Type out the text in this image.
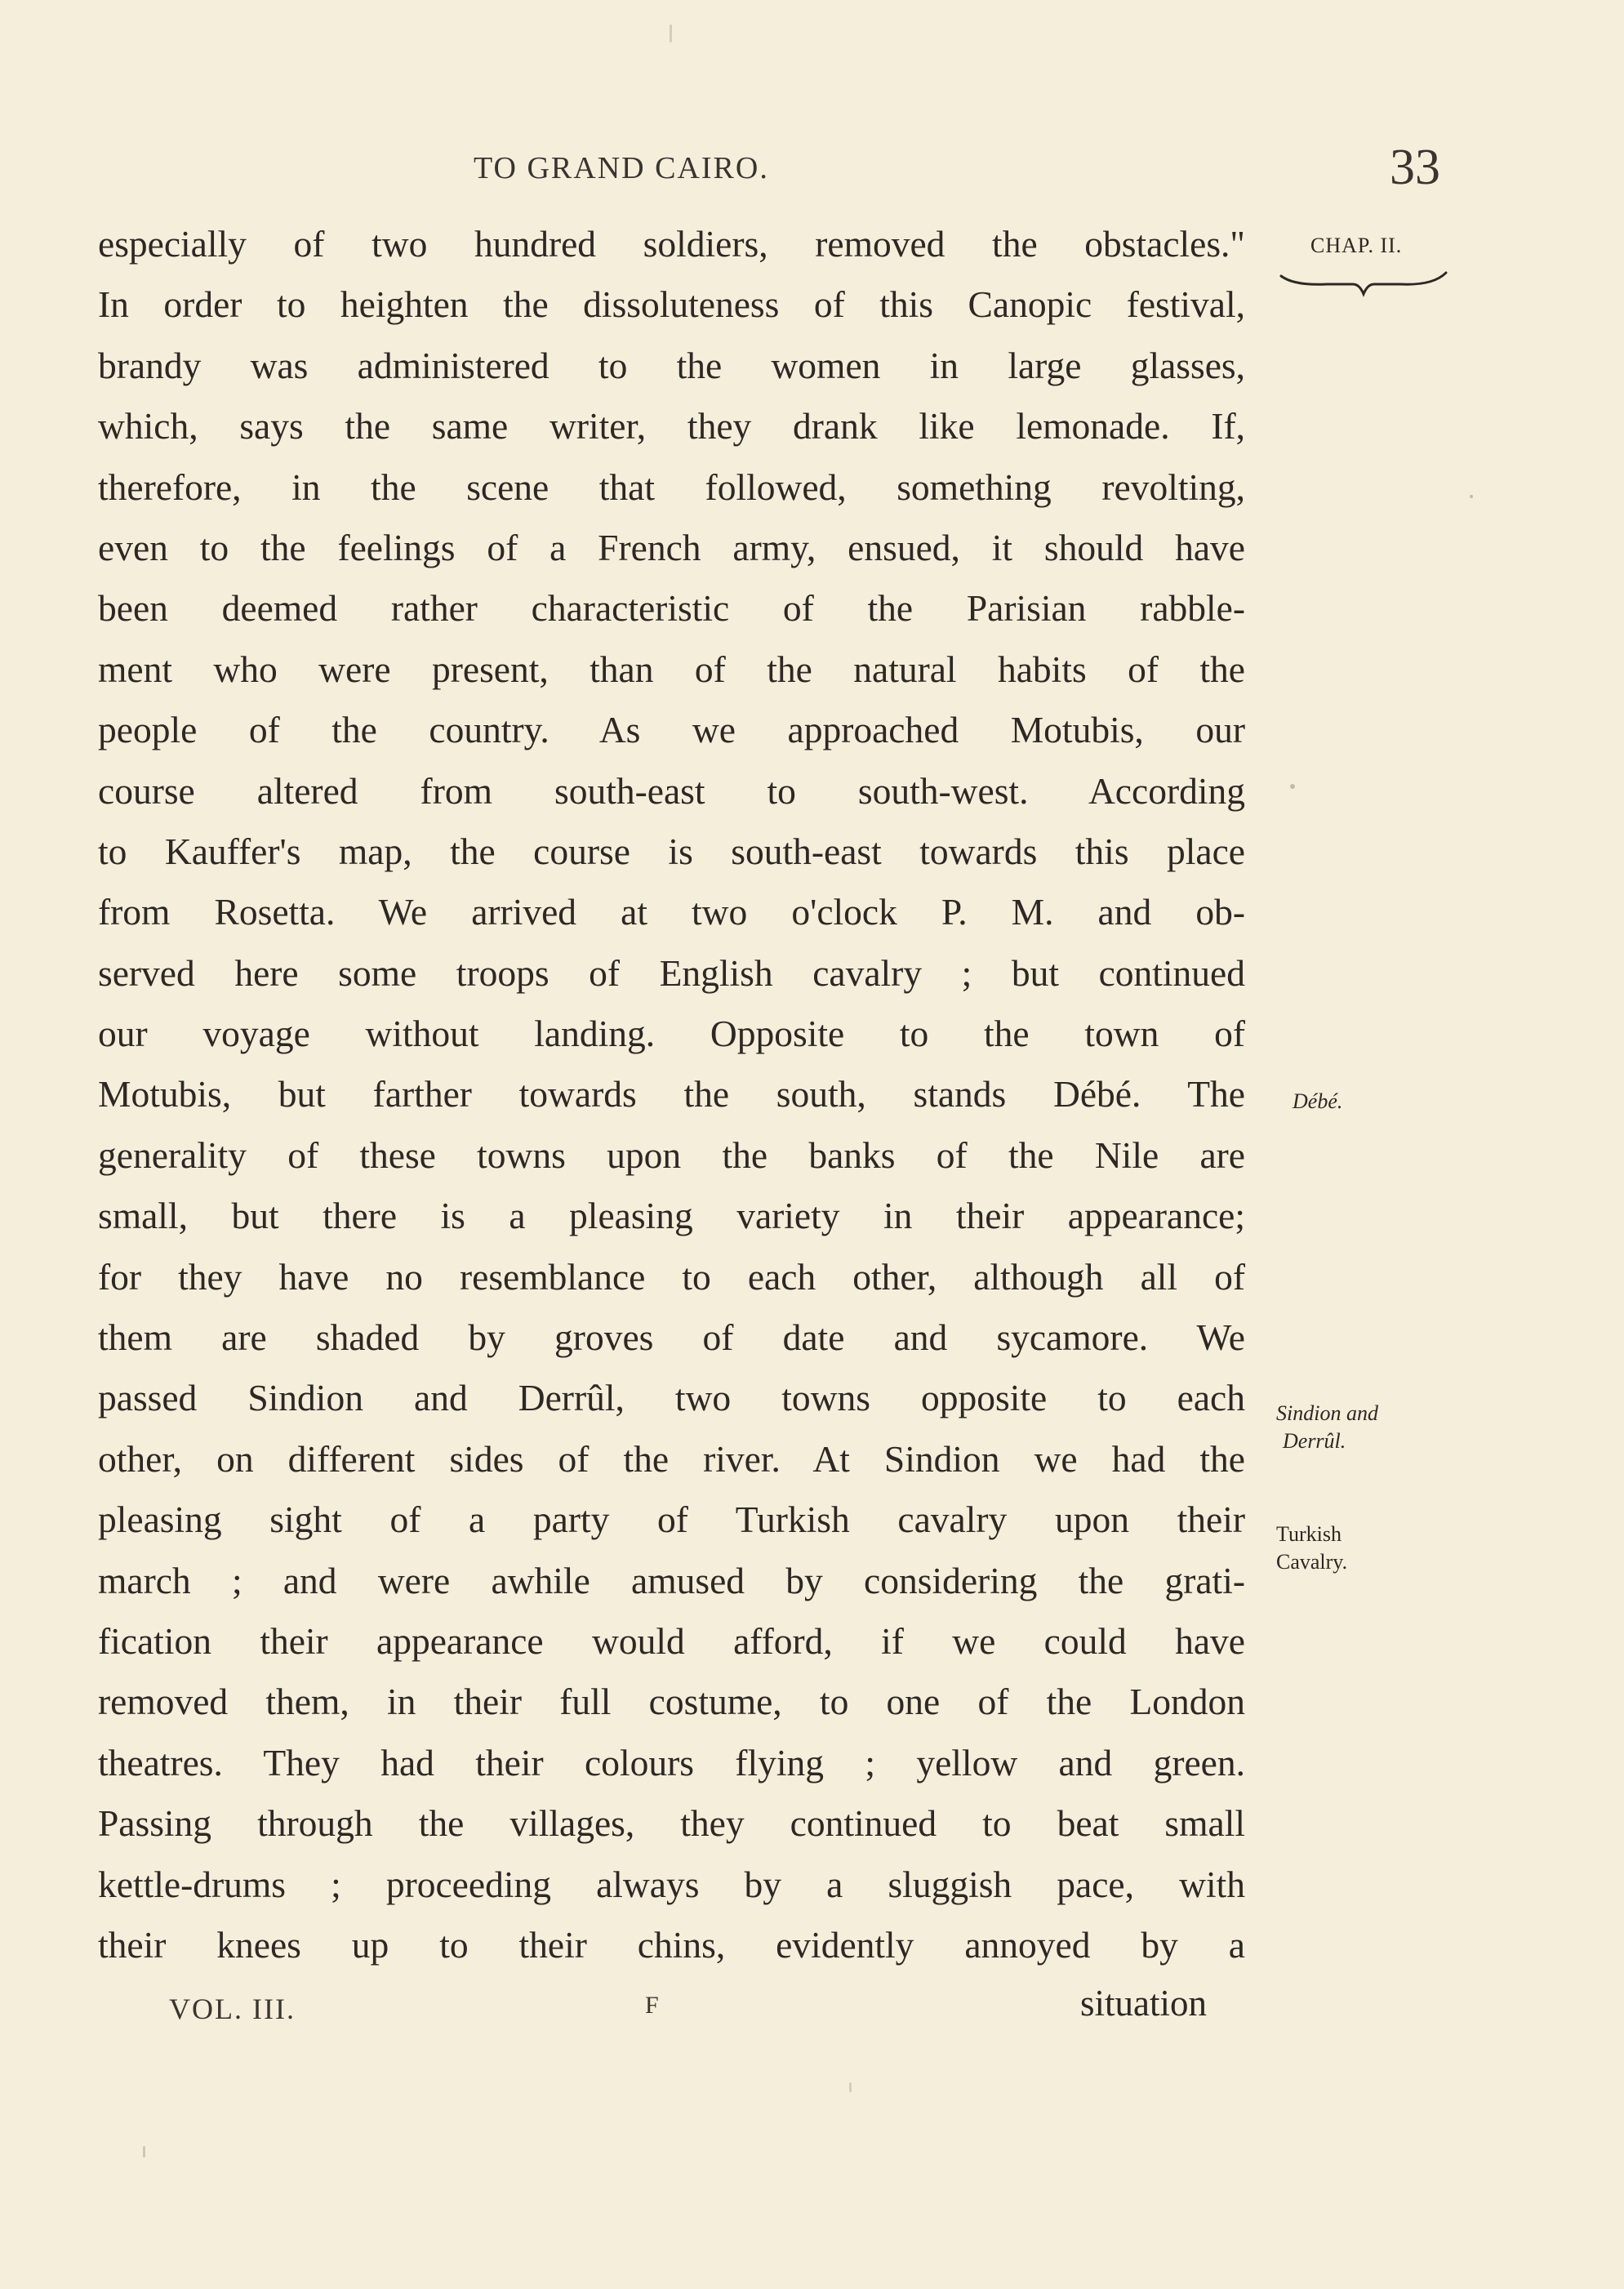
TO GRAND CAIRO.	33
CHAP. II.
Débé.
Sindion and
Derrûl.
Turkish
Cavalry.
especially of two hundred soldiers, removed the obstacles."
In order to heighten the dissoluteness of this Canopic festival,
brandy was administered to the women in large glasses,
which, says the same writer, they drank like lemonade. If,
therefore, in the scene that followed, something revolting,
even to the feelings of a French army, ensued, it should have
been deemed rather characteristic of the Parisian rabble-
ment who were present, than of the natural habits of the
people of the country. As we approached Motubis, our
course altered from south-east to south-west. According
to Kauffer's map, the course is south-east towards this place
from Rosetta. We arrived at two o'clock P. M. and ob-
served here some troops of English cavalry ; but continued
our voyage without landing. Opposite to the town of
Motubis, but farther towards the south, stands Débé. The
generality of these towns upon the banks of the Nile are
small, but there is a pleasing variety in their appearance;
for they have no resemblance to each other, although all of
them are shaded by groves of date and sycamore. We
passed Sindion and Derrûl, two towns opposite to each
other, on different sides of the river. At Sindion we had the
pleasing sight of a party of Turkish cavalry upon their
march ; and were awhile amused by considering the grati-
fication their appearance would afford, if we could have
removed them, in their full costume, to one of the London
theatres. They had their colours flying ; yellow and green.
Passing through the villages, they continued to beat small
kettle-drums ; proceeding always by a sluggish pace, with
their knees up to their chins, evidently annoyed by a
VOL. III.	F	situation
